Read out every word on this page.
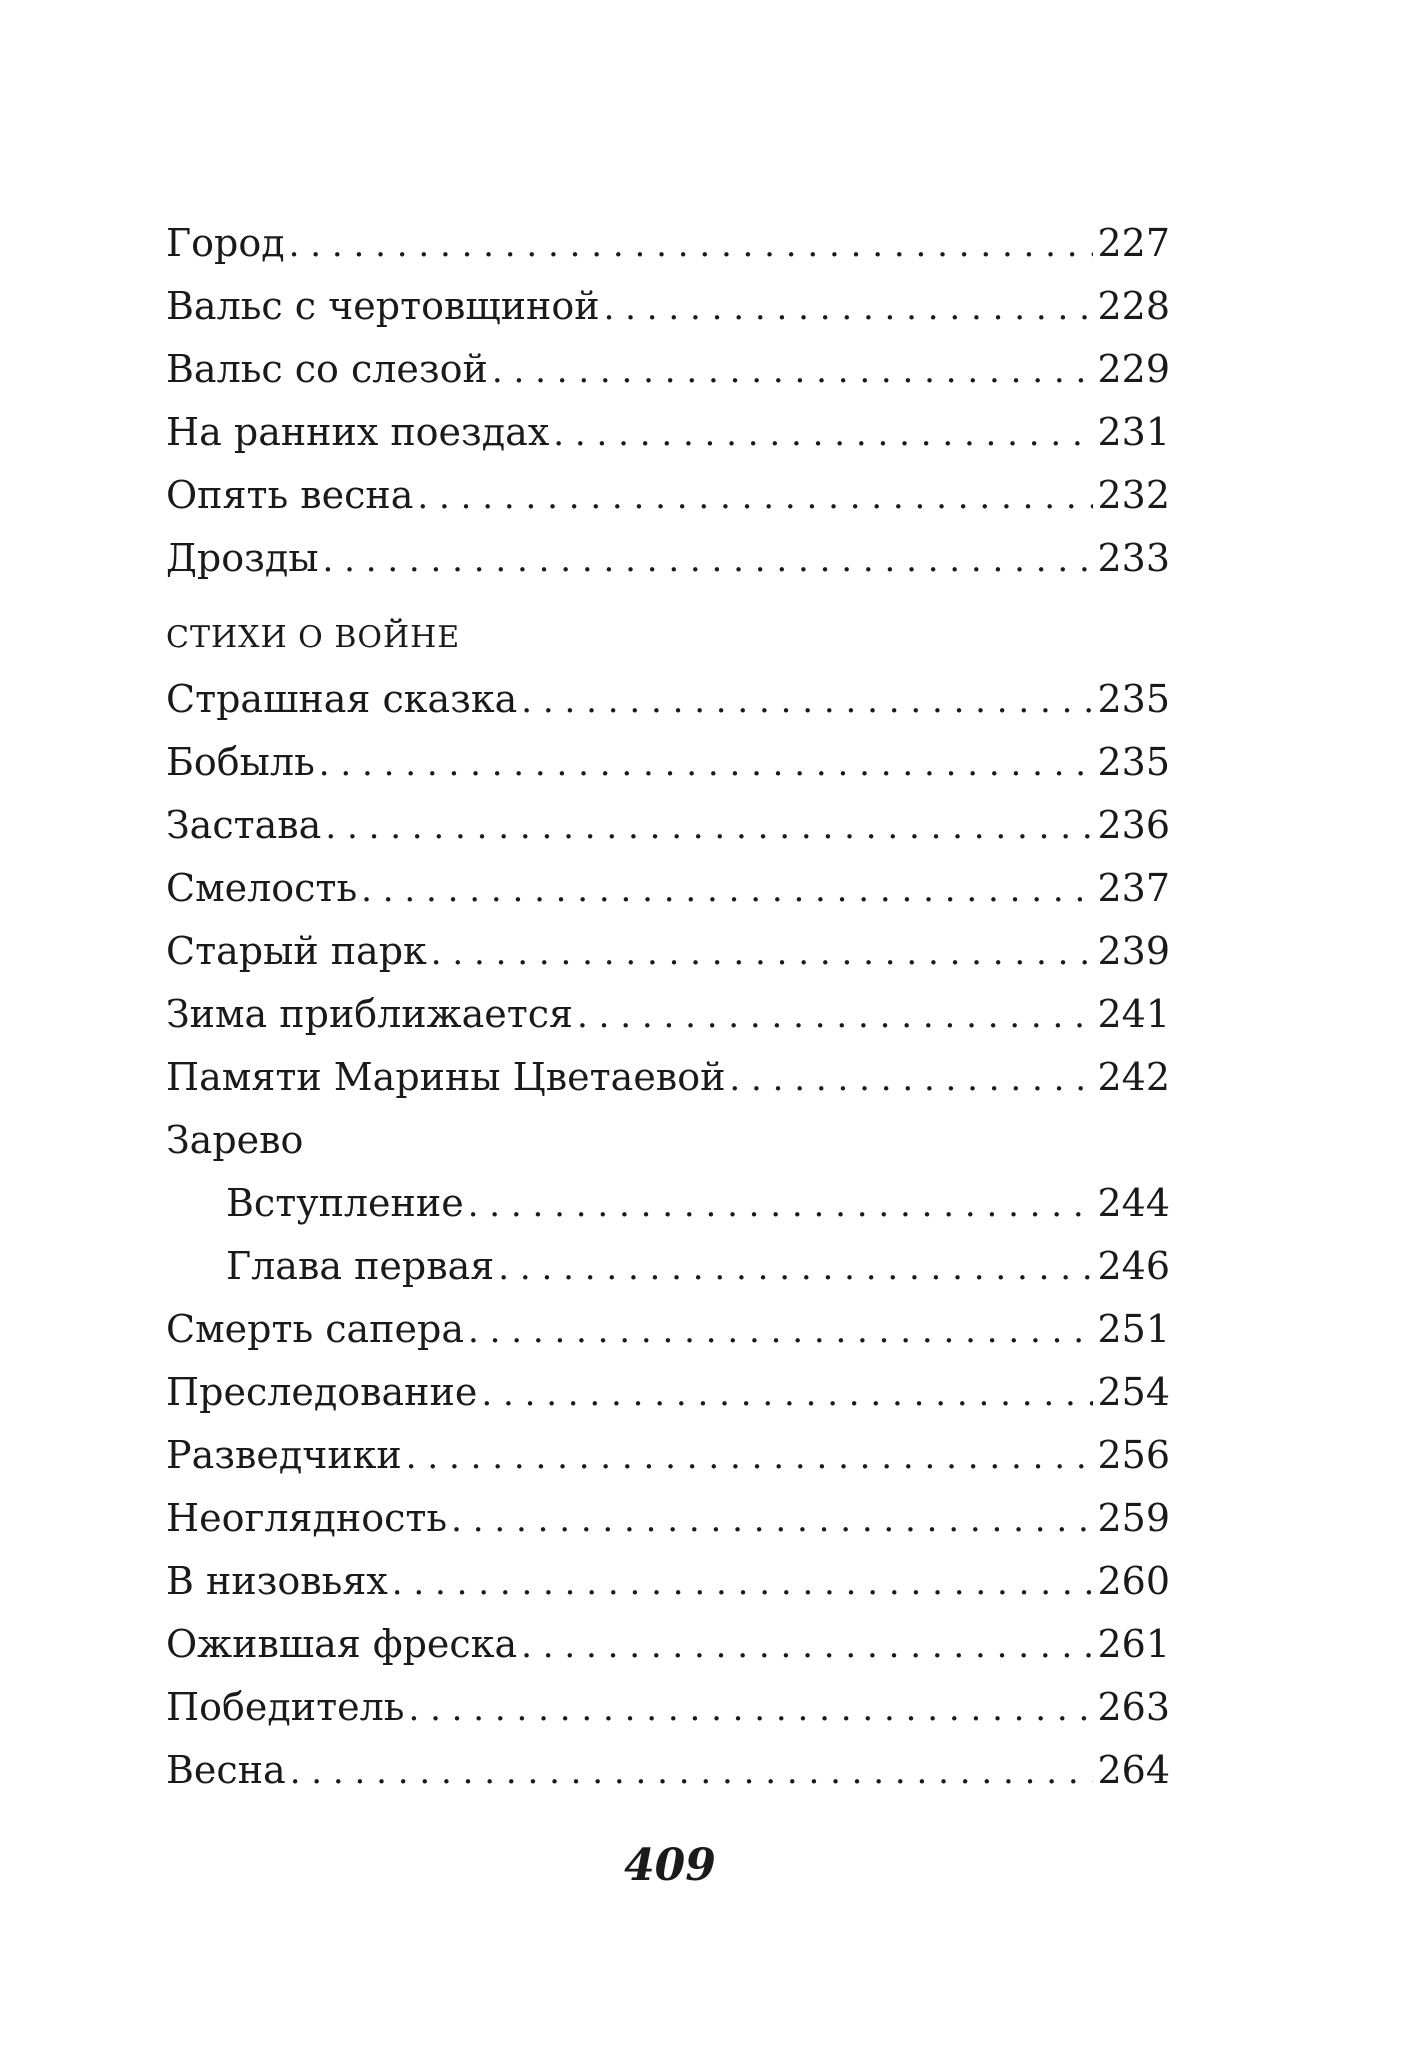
Город . . .	227
Вальс с чертовщиной . . .	228
Вальс со слезой . . .	229
На ранних поездах . . .	231
Опять весна . . .	232
Дрозды . . .	233
СТИХИ О ВОЙНЕ
Страшная сказка . . .	235
Бобыль . . .	235
Застава . . .	236
Смелость . . .	237
Старый парк . . .	239
Зима приближается . . .	241
Памяти Марины Цветаевой . . .	242
Зарево
Вступление . . .	244
Глава первая . . .	246
Смерть сапера . . .	251
Преследование . . .	254
Разведчики . . .	256
Неоглядность . . .	259
В низовьях . . .	260
Ожившая фреска . . .	261
Победитель . . .	263
Весна . . .	264
409
